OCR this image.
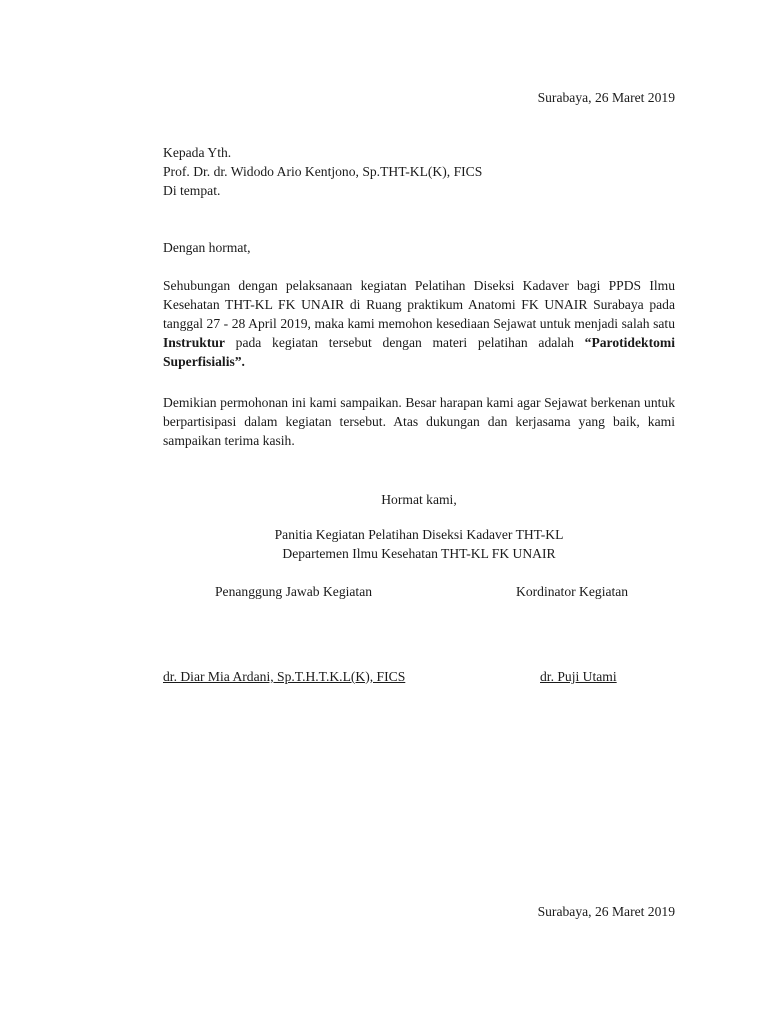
Surabaya, 26 Maret 2019
Kepada Yth.
Prof. Dr. dr. Widodo Ario Kentjono, Sp.THT-KL(K), FICS
Di tempat.
Dengan hormat,
Sehubungan dengan pelaksanaan kegiatan Pelatihan Diseksi Kadaver bagi PPDS Ilmu Kesehatan THT-KL FK UNAIR di Ruang praktikum Anatomi FK UNAIR Surabaya pada tanggal 27 - 28 April 2019, maka kami memohon kesediaan Sejawat untuk menjadi salah satu Instruktur pada kegiatan tersebut dengan materi pelatihan adalah “Parotidektomi Superfisialis”.
Demikian permohonan ini kami sampaikan. Besar harapan kami agar Sejawat berkenan untuk berpartisipasi dalam kegiatan tersebut. Atas dukungan dan kerjasama yang baik, kami sampaikan terima kasih.
Hormat kami,
Panitia Kegiatan Pelatihan Diseksi Kadaver THT-KL
Departemen Ilmu Kesehatan THT-KL FK UNAIR
Penanggung Jawab Kegiatan	Kordinator Kegiatan
dr. Diar Mia Ardani, Sp.T.H.T.K.L(K), FICS	dr. Puji Utami
Surabaya, 26 Maret 2019
